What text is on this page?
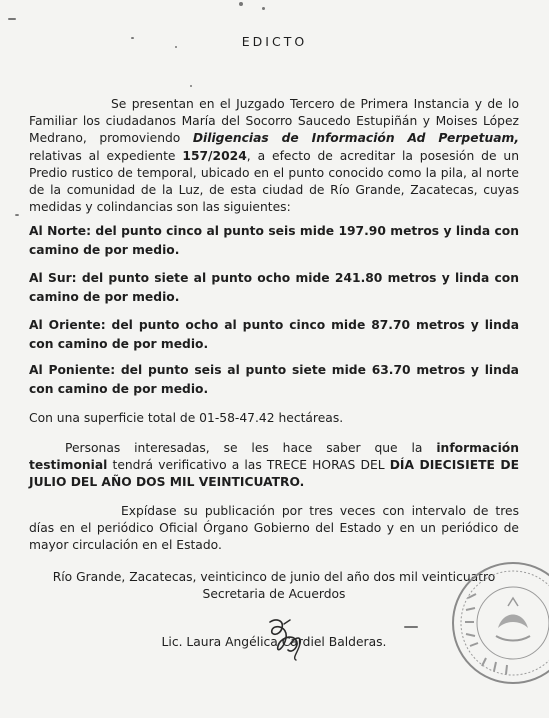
EDICTO
Se presentan en el Juzgado Tercero de Primera Instancia y de lo Familiar los ciudadanos María del Socorro Saucedo Estupiñán y Moises López Medrano, promoviendo Diligencias de Información Ad Perpetuam, relativas al expediente 157/2024, a efecto de acreditar la posesión de un Predio rustico de temporal, ubicado en el punto conocido como la pila, al norte de la comunidad de la Luz, de esta ciudad de Río Grande, Zacatecas, cuyas medidas y colindancias son las siguientes:
Al Norte: del punto cinco al punto seis mide 197.90 metros y linda con camino de por medio.
Al Sur: del punto siete al punto ocho mide 241.80 metros y linda con camino de por medio.
Al Oriente: del punto ocho al punto cinco mide 87.70 metros y linda con camino de por medio.
Al Poniente: del punto seis al punto siete mide 63.70 metros y linda con camino de por medio.
Con una superficie total de 01-58-47.42 hectáreas.
Personas interesadas, se les hace saber que la información testimonial tendrá verificativo a las TRECE HORAS DEL DÍA DIECISIETE DE JULIO DEL AÑO DOS MIL VEINTICUATRO.
Expídase su publicación por tres veces con intervalo de tres días en el periódico Oficial Órgano Gobierno del Estado y en un periódico de mayor circulación en el Estado.
Río Grande, Zacatecas, veinticinco de junio del año dos mil veinticuatro
Secretaria de Acuerdos
Lic. Laura Angélica Cardiel Balderas.
